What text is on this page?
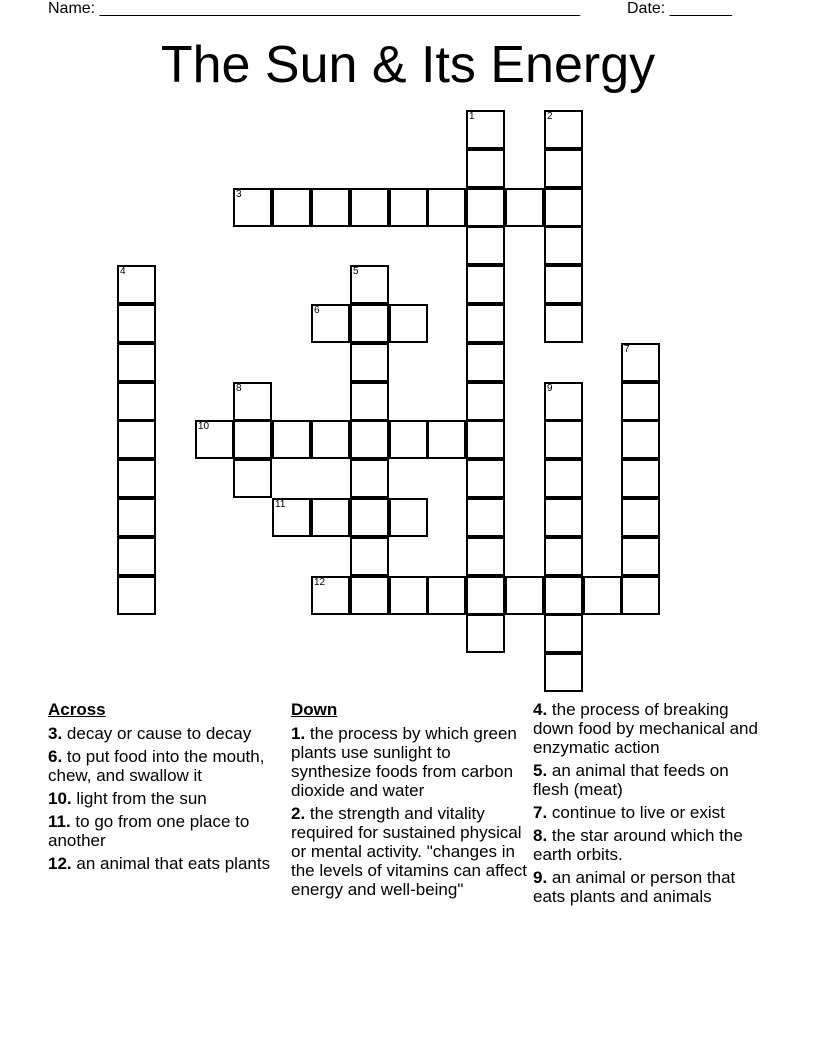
Name: ______________________________________________________	Date: _______
The Sun & Its Energy
1	2
3
4	5
6
7
8	9
10
11
12
Across
3. decay or cause to decay
6. to put food into the mouth, chew, and swallow it
10. light from the sun
11. to go from one place to another
12. an animal that eats plants
Down
1. the process by which green plants use sunlight to synthesize foods from carbon dioxide and water
2. the strength and vitality required for sustained physical or mental activity. "changes in the levels of vitamins can affect energy and well-being"
4. the process of breaking down food by mechanical and enzymatic action
5. an animal that feeds on flesh (meat)
7. continue to live or exist
8. the star around which the earth orbits.
9. an animal or person that eats plants and animals
